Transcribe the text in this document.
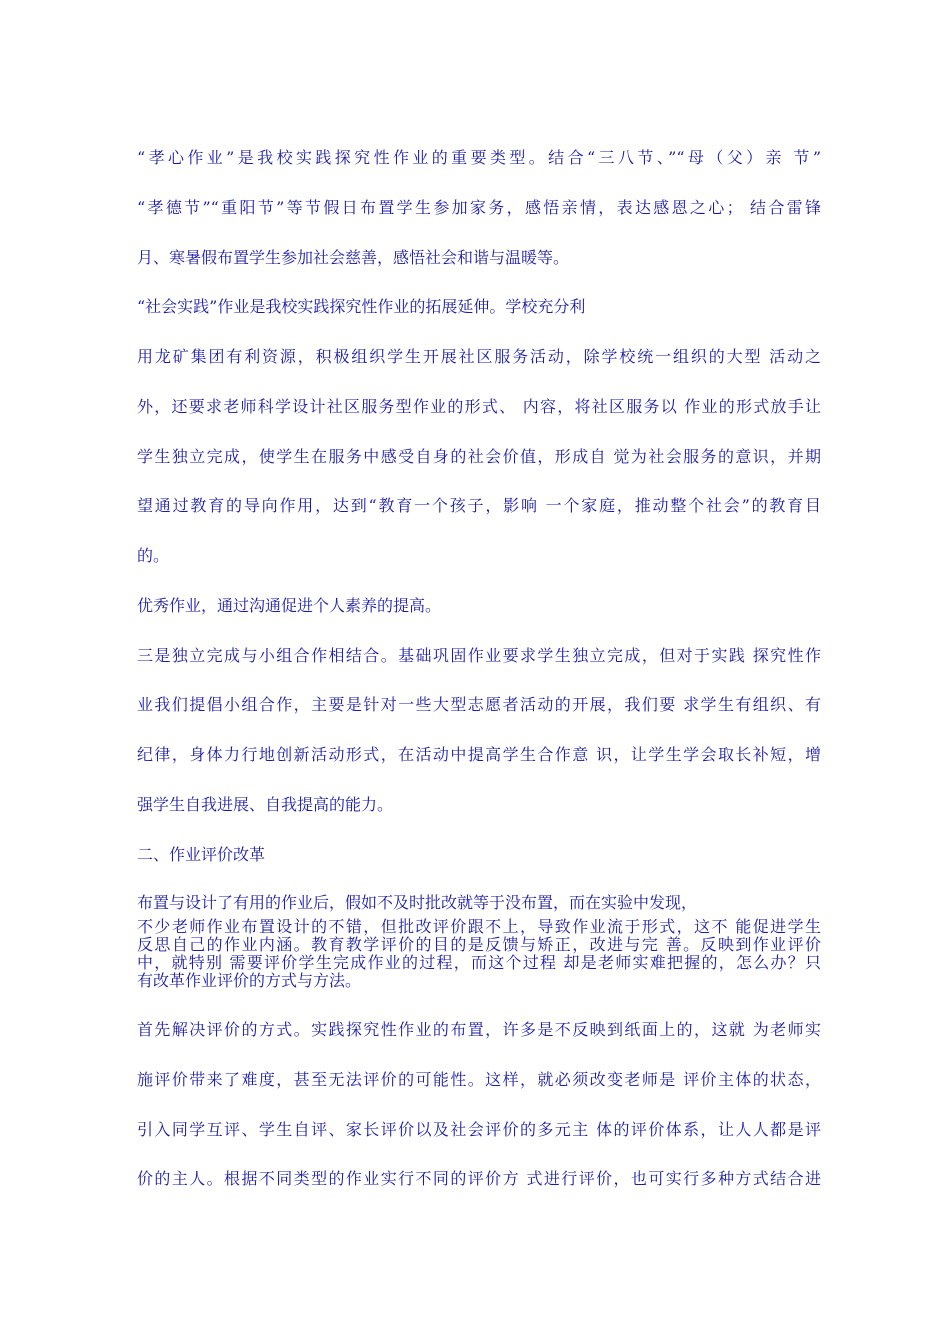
“孝心作业”是我校实践探究性作业的重要类型。结合“三八节、”“母（父）亲 节”
“孝德节”“重阳节”等节假日布置学生参加家务，感悟亲情，表达感恩之心； 结合雷锋
月、寒暑假布置学生参加社会慈善，感悟社会和谐与温暖等。
“社会实践”作业是我校实践探究性作业的拓展延伸。学校充分利
用龙矿集团有利资源，积极组织学生开展社区服务活动，除学校统一组织的大型 活动之
外，还要求老师科学设计社区服务型作业的形式、 内容，将社区服务以 作业的形式放手让
学生独立完成，使学生在服务中感受自身的社会价值，形成自 觉为社会服务的意识，并期
望通过教育的导向作用，达到“教育一个孩子，影响 一个家庭，推动整个社会”的教育目
的。
优秀作业，通过沟通促进个人素养的提高。
三是独立完成与小组合作相结合。基础巩固作业要求学生独立完成，但对于实践 探究性作
业我们提倡小组合作，主要是针对一些大型志愿者活动的开展，我们要 求学生有组织、有
纪律，身体力行地创新活动形式，在活动中提高学生合作意 识，让学生学会取长补短，增
强学生自我进展、自我提高的能力。
二、作业评价改革
布置与设计了有用的作业后，假如不及时批改就等于没布置，而在实验中发现，
不少老师作业布置设计的不错，但批改评价跟不上，导致作业流于形式，这不 能促进学生
反思自己的作业内涵。教育教学评价的目的是反馈与矫正，改进与完 善。反映到作业评价
中，就特别 需要评价学生完成作业的过程，而这个过程 却是老师实难把握的，怎么办？只
有改革作业评价的方式与方法。
首先解决评价的方式。实践探究性作业的布置，许多是不反映到纸面上的，这就 为老师实
施评价带来了难度，甚至无法评价的可能性。这样，就必须改变老师是 评价主体的状态，
引入同学互评、学生自评、家长评价以及社会评价的多元主 体的评价体系，让人人都是评
价的主人。根据不同类型的作业实行不同的评价方 式进行评价，也可实行多种方式结合进
